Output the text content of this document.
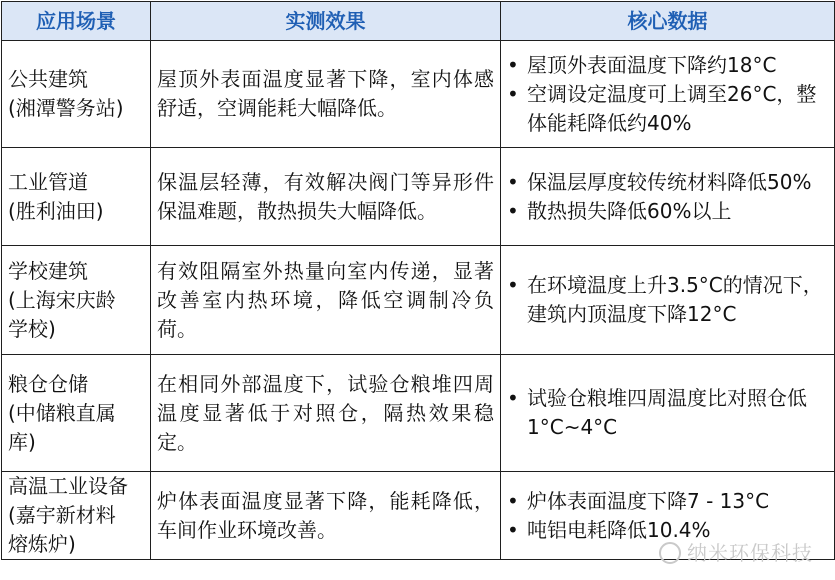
应用场景	实测效果	核心数据

公共建筑
(湘潭警务站)	屋顶外表面温度显著下降，室内体感舒适，空调能耗大幅降低。	• 屋顶外表面温度下降约18°C
• 空调设定温度可上调至26°C，整体能耗降低约40%

工业管道
(胜利油田)	保温层轻薄，有效解决阀门等异形件保温难题，散热损失大幅降低。	• 保温层厚度较传统材料降低50%
• 散热损失降低60%以上

学校建筑
(上海宋庆龄
学校)	有效阻隔室外热量向室内传递，显著改善室内热环境，降低空调制冷负荷。	• 在环境温度上升3.5°C的情况下，建筑内顶温度下降12°C

粮仓仓储
(中储粮直属
库)	在相同外部温度下，试验仓粮堆四周温度显著低于对照仓，隔热效果稳定。	• 试验仓粮堆四周温度比对照仓低1°C~4°C

高温工业设备
(嘉宇新材料
熔炼炉)	炉体表面温度显著下降，能耗降低，车间作业环境改善。	• 炉体表面温度下降7 - 13°C
• 吨铝电耗降低10.4%
纳米环保科技
